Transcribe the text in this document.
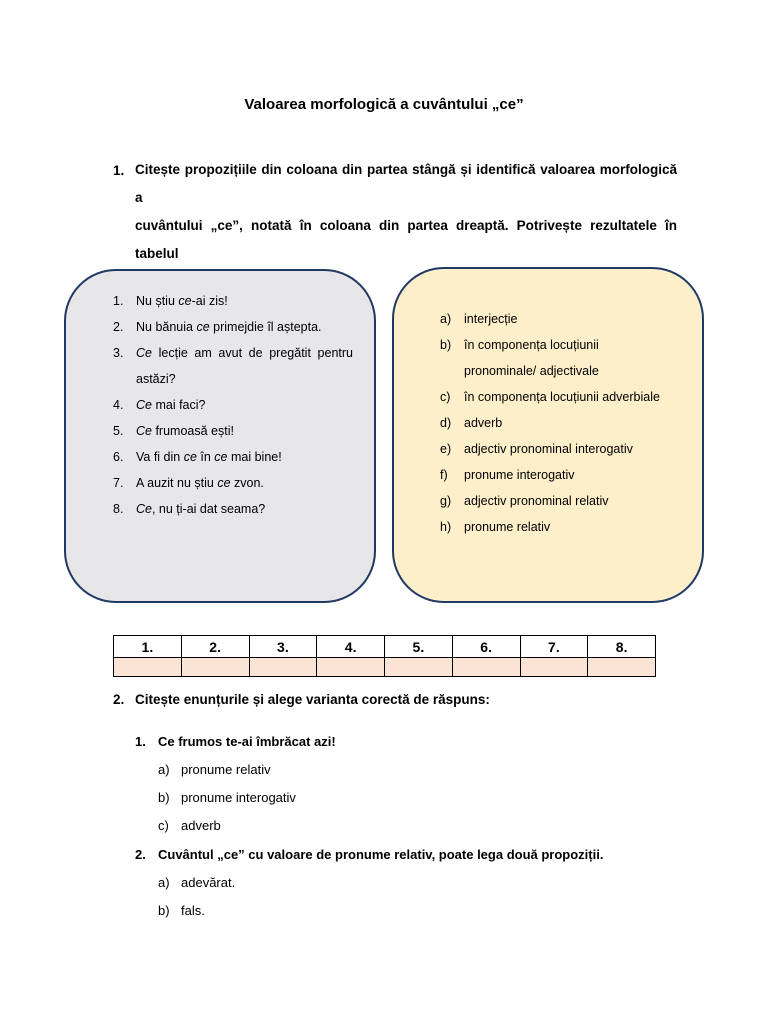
Valoarea morfologică a cuvântului „ce”
1. Citește propozițiile din coloana din partea stângă și identifică valoarea morfologică a
cuvântului „ce”, notată în coloana din partea dreaptă. Potrivește rezultatele în tabelul
1.	Nu știu ce-ai zis!
2.	Nu bănuia ce primejdie îl aștepta.
3.	Ce lecție am avut de pregătit pentru
astăzi?
4.	Ce mai faci?
5.	Ce frumoasă ești!
6.	Va fi din ce în ce mai bine!
7.	A auzit nu știu ce zvon.
8.	Ce, nu ți-ai dat seama?
a)	interjecție
b)	în componența locuțiunii
pronominale/ adjectivale
c)	în componența locuțiunii adverbiale
d)	adverb
e)	adjectiv pronominal interogativ
f)	pronume interogativ
g)	adjectiv pronominal relativ
h)	pronume relativ
1.	2.	3.	4.	5.	6.	7.	8.

2. Citește enunțurile și alege varianta corectă de răspuns:
1. Ce frumos te-ai îmbrăcat azi!
a) pronume relativ
b) pronume interogativ
c) adverb
2. Cuvântul „ce” cu valoare de pronume relativ, poate lega două propoziții.
a) adevărat.
b) fals.
